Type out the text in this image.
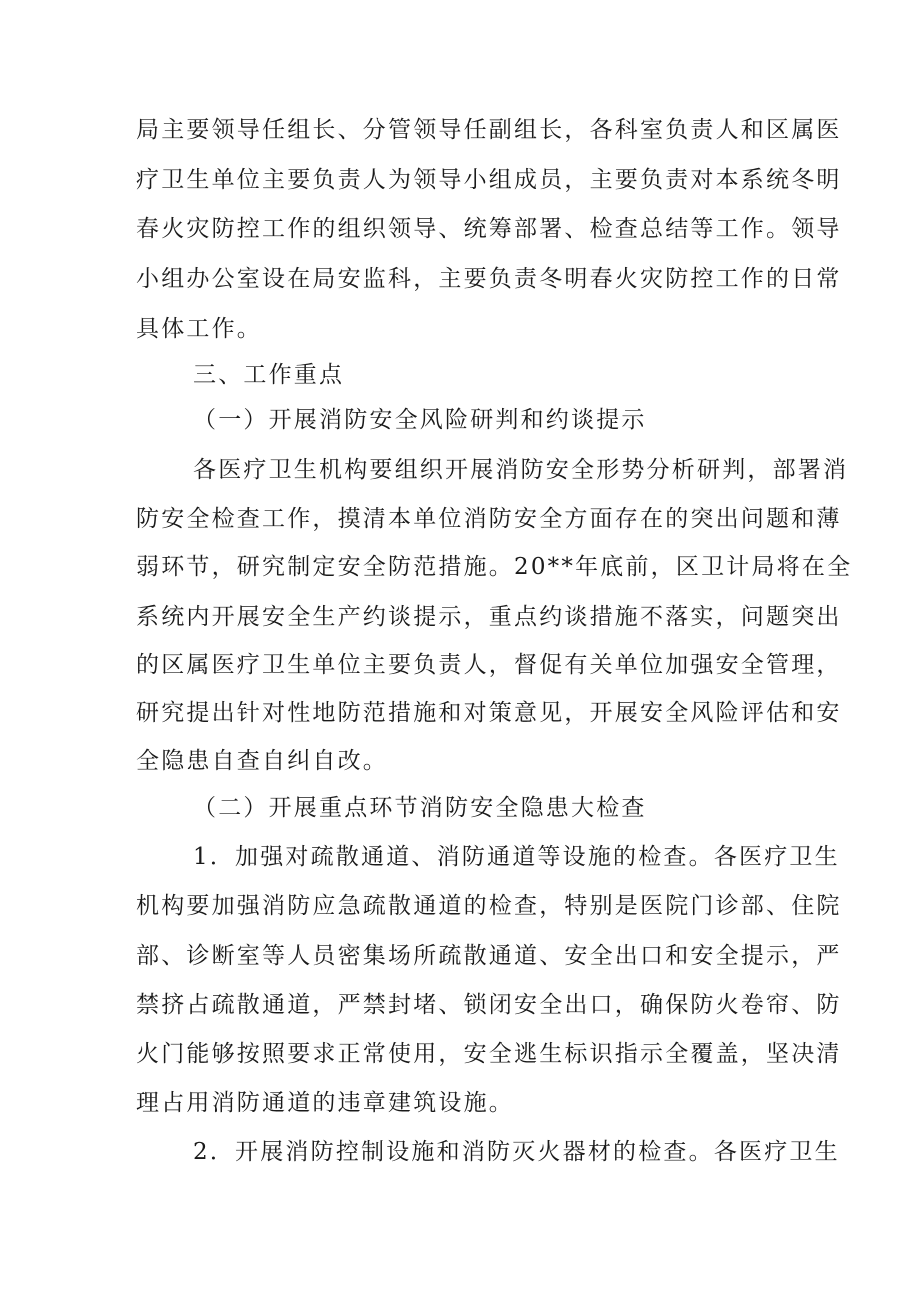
局主要领导任组长、分管领导任副组长，各科室负责人和区属医

疗卫生单位主要负责人为领导小组成员，主要负责对本系统冬明

春火灾防控工作的组织领导、统筹部署、检查总结等工作。领导

小组办公室设在局安监科，主要负责冬明春火灾防控工作的日常

具体工作。

三、工作重点

（一）开展消防安全风险研判和约谈提示

各医疗卫生机构要组织开展消防安全形势分析研判，部署消

防安全检查工作，摸清本单位消防安全方面存在的突出问题和薄

弱环节，研究制定安全防范措施。20**年底前，区卫计局将在全

系统内开展安全生产约谈提示，重点约谈措施不落实，问题突出

的区属医疗卫生单位主要负责人，督促有关单位加强安全管理，

研究提出针对性地防范措施和对策意见，开展安全风险评估和安

全隐患自查自纠自改。

（二）开展重点环节消防安全隐患大检查

1．加强对疏散通道、消防通道等设施的检查。各医疗卫生

机构要加强消防应急疏散通道的检查，特别是医院门诊部、住院

部、诊断室等人员密集场所疏散通道、安全出口和安全提示，严

禁挤占疏散通道，严禁封堵、锁闭安全出口，确保防火卷帘、防

火门能够按照要求正常使用，安全逃生标识指示全覆盖，坚决清

理占用消防通道的违章建筑设施。

2．开展消防控制设施和消防灭火器材的检查。各医疗卫生
